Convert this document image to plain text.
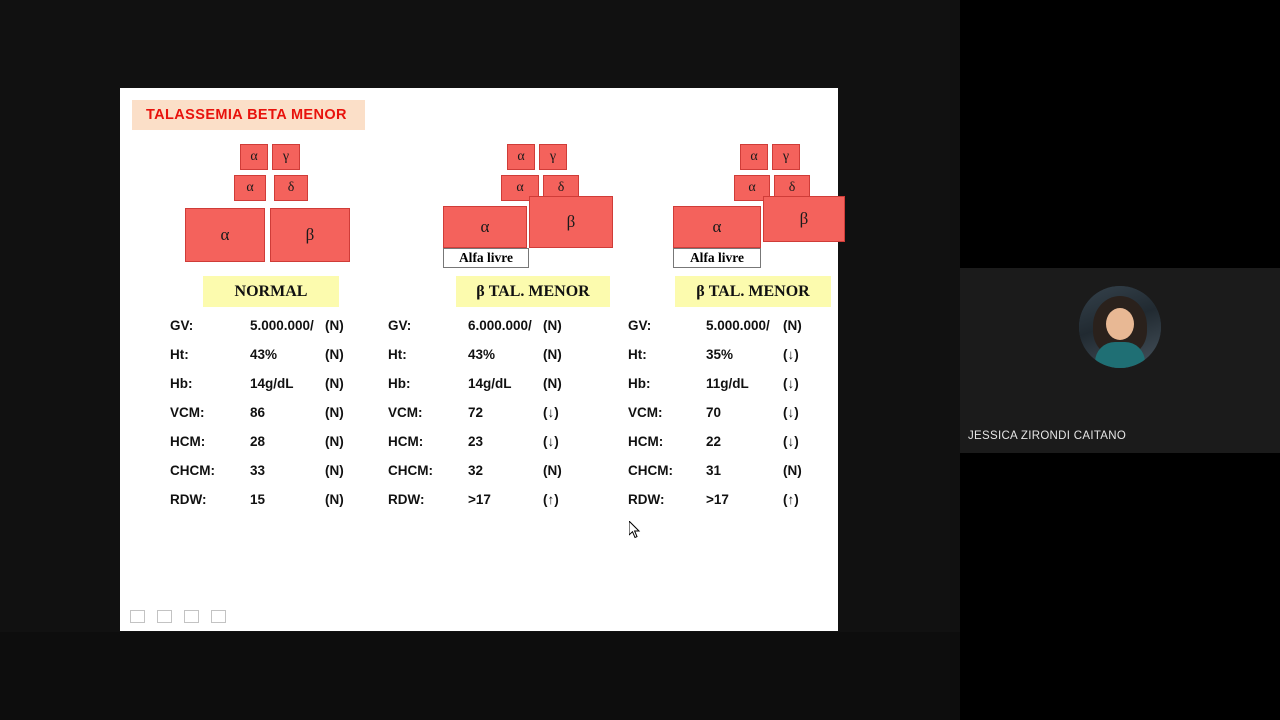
TALASSEMIA BETA MENOR
α	γ
α	δ
α	β
NORMAL
α	γ
α	δ
α	β
Alfa livre
β TAL. MENOR
α	γ
α	δ
α	β
Alfa livre
β TAL. MENOR
GV:	5.000.000/ (N)
Ht:	43%	(N)
Hb:	14g/dL (N)
VCM:	86	(N)
HCM:	28	(N)
CHCM:	33	(N)
RDW:	15	(N)
GV:	6.000.000/ (N)
Ht:	43%	(N)
Hb:	14g/dL (N)
VCM:	72	(↓)
HCM:	23	(↓)
CHCM:	32	(N)
RDW:	>17	(↑)
GV:	5.000.000/ (N)
Ht:	35%	(↓)
Hb:	11g/dL	(↓)
VCM:	70	(↓)
HCM:	22	(↓)
CHCM: 31	(N)
RDW:	>17	(↑)
JESSICA ZIRONDI CAITANO
